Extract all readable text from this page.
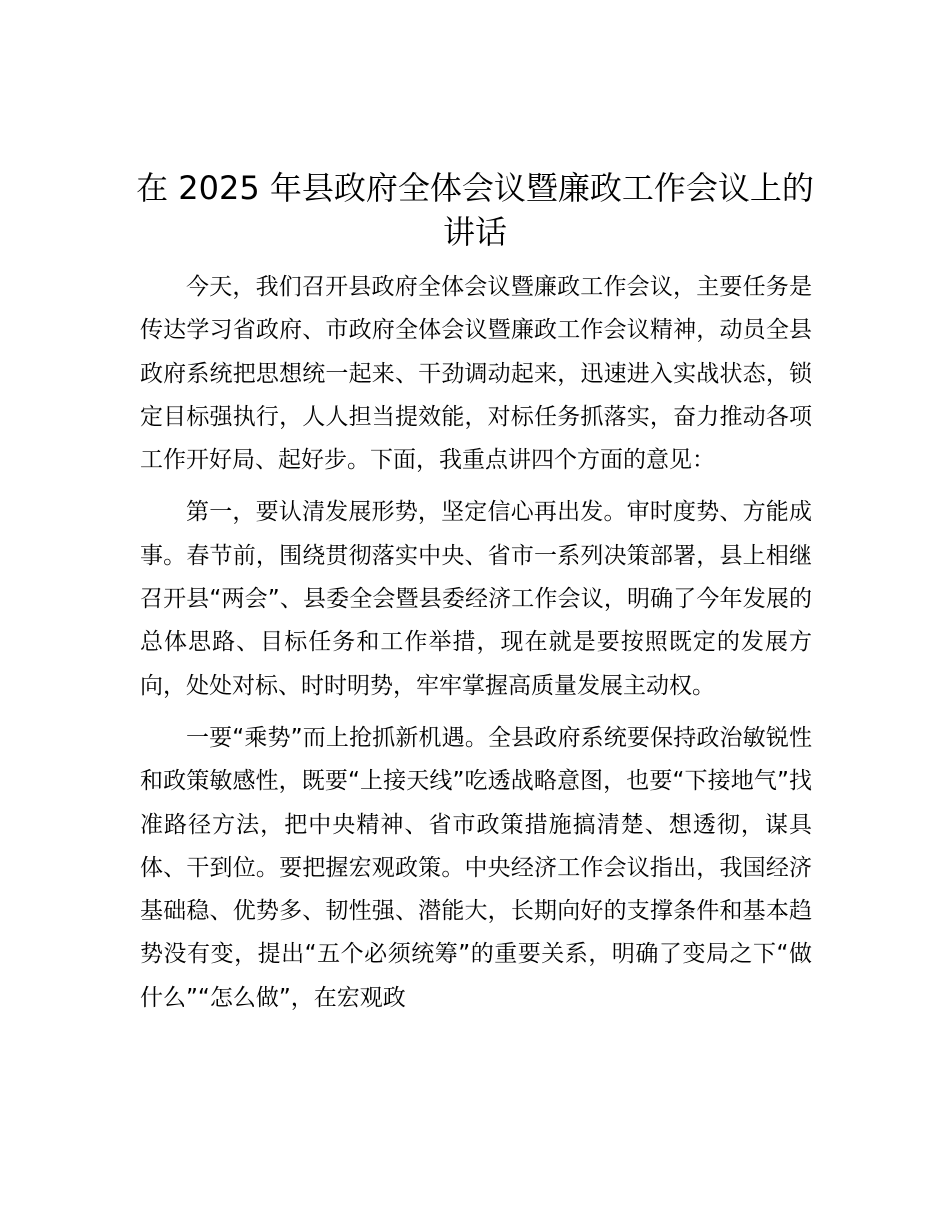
在 2025 年县政府全体会议暨廉政工作会议上的讲话

今天，我们召开县政府全体会议暨廉政工作会议，主要任务是传达学习省政府、市政府全体会议暨廉政工作会议精神，动员全县政府系统把思想统一起来、干劲调动起来，迅速进入实战状态，锁定目标强执行，人人担当提效能，对标任务抓落实，奋力推动各项工作开好局、起好步。下面，我重点讲四个方面的意见：

第一，要认清发展形势，坚定信心再出发。审时度势、方能成事。春节前，围绕贯彻落实中央、省市一系列决策部署，县上相继召开县“两会”、县委全会暨县委经济工作会议，明确了今年发展的总体思路、目标任务和工作举措，现在就是要按照既定的发展方向，处处对标、时时明势，牢牢掌握高质量发展主动权。

一要“乘势”而上抢抓新机遇。全县政府系统要保持政治敏锐性和政策敏感性，既要“上接天线”吃透战略意图，也要“下接地气”找准路径方法，把中央精神、省市政策措施搞清楚、想透彻，谋具体、干到位。要把握宏观政策。中央经济工作会议指出，我国经济基础稳、优势多、韧性强、潜能大，长期向好的支撑条件和基本趋势没有变，提出“五个必须统筹”的重要关系，明确了变局之下“做什么”“怎么做”，在宏观政
